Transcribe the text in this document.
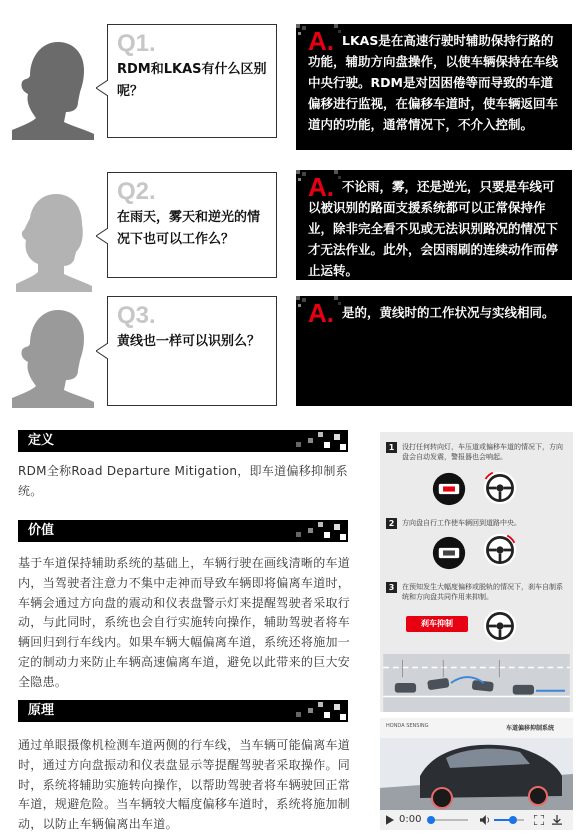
Q1.
RDM和LKAS有什么区别呢？
A. LKAS是在高速行驶时辅助保持行路的功能，辅助方向盘操作，以使车辆保持在车线中央行驶。RDM是对因困倦等而导致的车道偏移进行监视，在偏移车道时，使车辆返回车道内的功能，通常情况下，不介入控制。
Q2.
在雨天，雾天和逆光的情况下也可以工作么？
A. 不论雨，雾，还是逆光，只要是车线可以被识别的路面支援系统都可以正常保持作业，除非完全看不见或无法识别路况的情况下才无法作业。此外，会因雨刷的连续动作而停止运转。
Q3.
黄线也一样可以识别么？
A. 是的，黄线时的工作状况与实线相同。
定义
RDM全称Road Departure Mitigation，即车道偏移抑制系统。
价值
基于车道保持辅助系统的基础上，车辆行驶在画线清晰的车道内，当驾驶者注意力不集中走神而导致车辆即将偏离车道时，车辆会通过方向盘的震动和仪表盘警示灯来提醒驾驶者采取行动，与此同时，系统也会自行实施转向操作，辅助驾驶者将车辆回归到行车线内。如果车辆大幅偏离车道，系统还将施加一定的制动力来防止车辆高速偏离车道，避免以此带来的巨大安全隐患。
原理
通过单眼摄像机检测车道两侧的行车线，当车辆可能偏离车道时，通过方向盘振动和仪表盘显示等提醒驾驶者采取操作。同时，系统将辅助实施转向操作，以帮助驾驶者将车辆驶回正常车道，规避危险。当车辆较大幅度偏移车道时，系统将施加制动，以防止车辆偏离出车道。
1	没打任何转向灯，车压道或偏移车道的情况下，方向盘会自动发震，警报器也会响起。
2	方向盘自行工作使车辆回到道路中央。
3	在预知发生大幅度偏移或脱轨的情况下，刹车自制系统和方向盘共同作用来抑制。
刹车抑制
HONDA SENSING	车道偏移抑制系统
0:00
